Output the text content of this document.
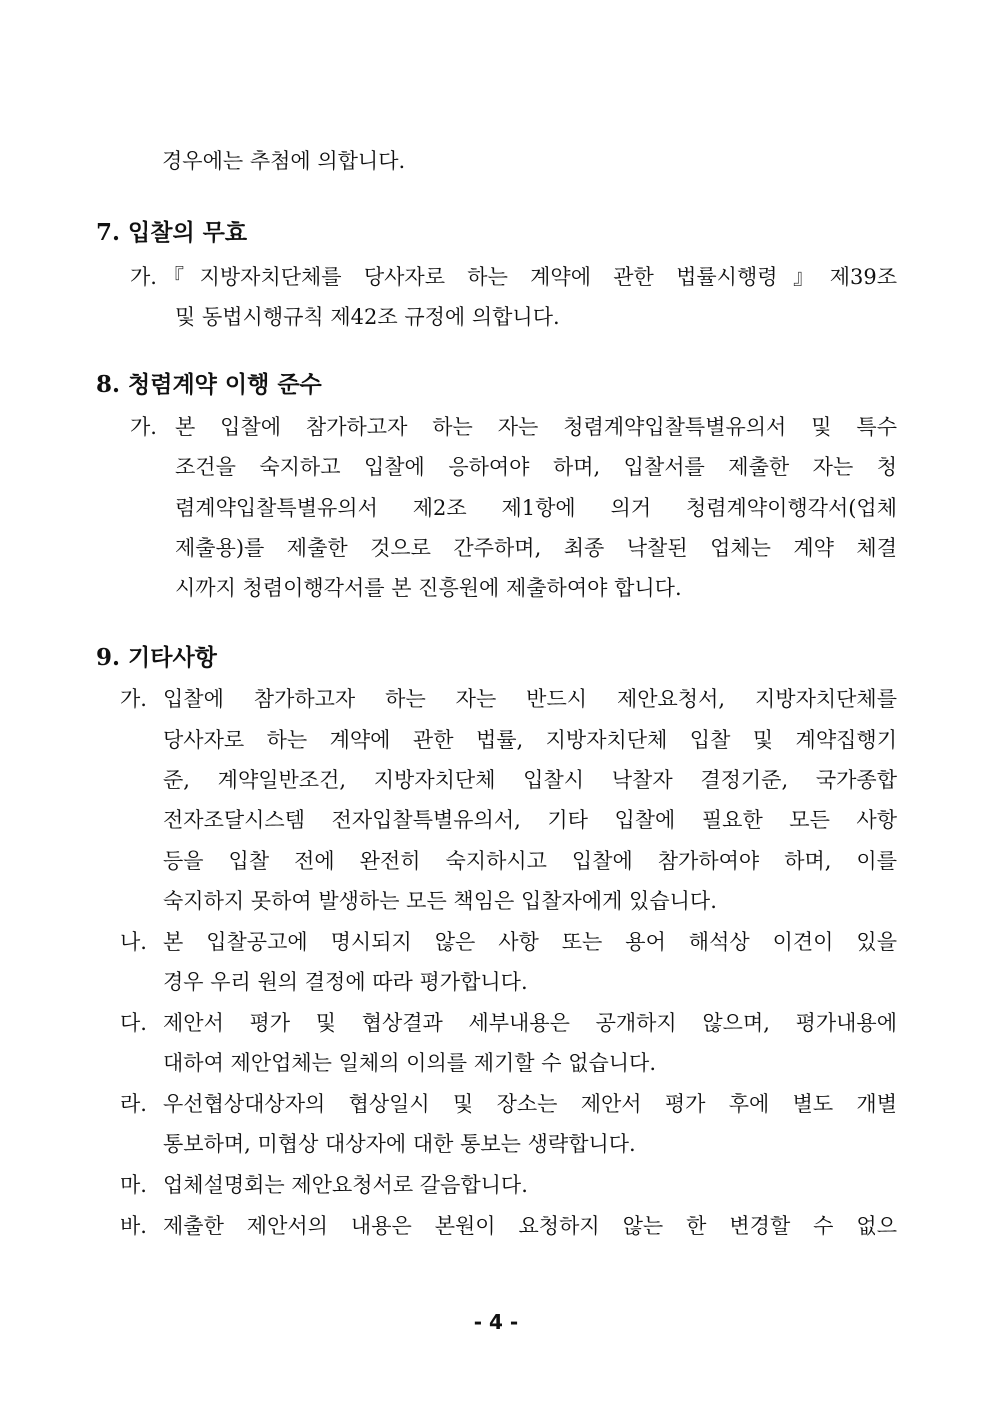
경우에는 추첨에 의합니다.
7. 입찰의 무효
가. 『지방자치단체를 당사자로 하는 계약에 관한 법률시행령』제39조
및 동법시행규칙 제42조 규정에 의합니다.
8. 청렴계약 이행 준수
가. 본 입찰에 참가하고자 하는 자는 청렴계약입찰특별유의서 및 특수
조건을 숙지하고 입찰에 응하여야 하며, 입찰서를 제출한 자는 청
렴계약입찰특별유의서 제2조 제1항에 의거 청렴계약이행각서(업체
제출용)를 제출한 것으로 간주하며, 최종 낙찰된 업체는 계약 체결
시까지 청렴이행각서를 본 진흥원에 제출하여야 합니다.
9. 기타사항
가. 입찰에 참가하고자 하는 자는 반드시 제안요청서, 지방자치단체를
당사자로 하는 계약에 관한 법률, 지방자치단체 입찰 및 계약집행기
준, 계약일반조건, 지방자치단체 입찰시 낙찰자 결정기준, 국가종합
전자조달시스템 전자입찰특별유의서, 기타 입찰에 필요한 모든 사항
등을 입찰 전에 완전히 숙지하시고 입찰에 참가하여야 하며, 이를
숙지하지 못하여 발생하는 모든 책임은 입찰자에게 있습니다.
나. 본 입찰공고에 명시되지 않은 사항 또는 용어 해석상 이견이 있을
경우 우리 원의 결정에 따라 평가합니다.
다. 제안서 평가 및 협상결과 세부내용은 공개하지 않으며, 평가내용에
대하여 제안업체는 일체의 이의를 제기할 수 없습니다.
라. 우선협상대상자의 협상일시 및 장소는 제안서 평가 후에 별도 개별
통보하며, 미협상 대상자에 대한 통보는 생략합니다.
마. 업체설명회는 제안요청서로 갈음합니다.
바. 제출한 제안서의 내용은 본원이 요청하지 않는 한 변경할 수 없으
- 4 -
